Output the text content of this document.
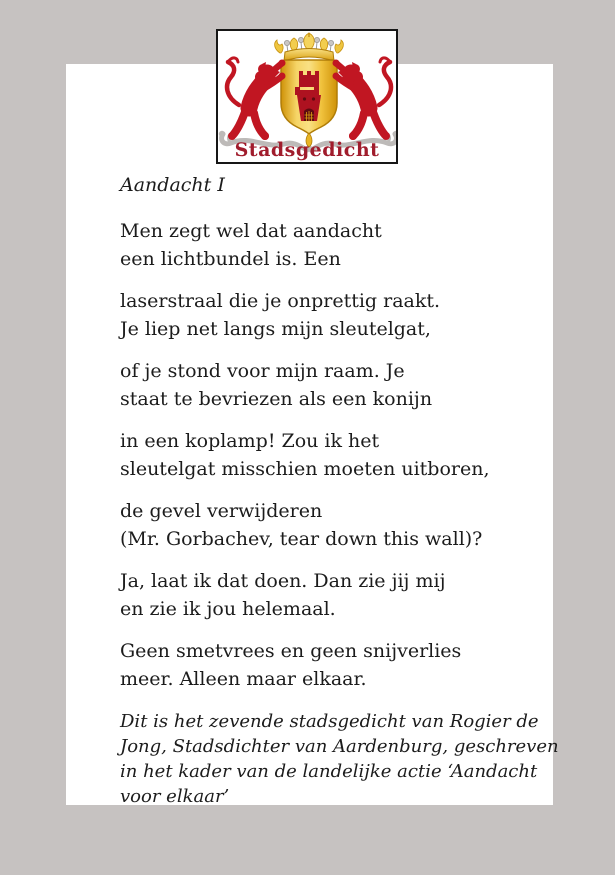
Aandacht I
Men zegt wel dat aandacht
een lichtbundel is. Een
laserstraal die je onprettig raakt.
Je liep net langs mijn sleutelgat,
of je stond voor mijn raam. Je
staat te bevriezen als een konijn
in een koplamp! Zou ik het
sleutelgat misschien moeten uitboren,
de gevel verwijderen
(Mr. Gorbachev, tear down this wall)?
Ja, laat ik dat doen. Dan zie jij mij
en zie ik jou helemaal.
Geen smetvrees en geen snijverlies
meer. Alleen maar elkaar.
Dit is het zevende stadsgedicht van Rogier de
Jong, Stadsdichter van Aardenburg, geschreven
in het kader van de landelijke actie ‘Aandacht
voor elkaar’
Stadsgedicht
